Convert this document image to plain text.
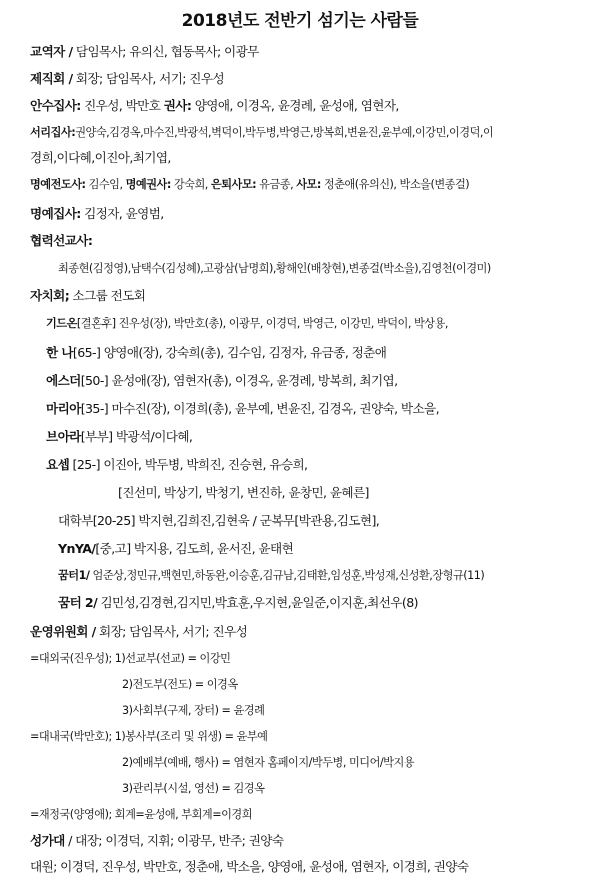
2018년도 전반기 섬기는 사람들
교역자 / 담임목사; 유의신, 협동목사; 이광무
제직회 / 회장; 담임목사, 서기; 진우성
안수집사: 진우성, 박만호 권사: 양영애, 이경옥, 윤경례, 윤성애, 염현자,
서리집사:권양숙,김경옥,마수진,박광석,벽덕이,박두병,박영근,방복희,변윤진,윤부예,이강민,이경덕,이
경희,이다혜,이진아,최기엽,
명예전도사: 김수임, 명예권사: 강숙희, 은퇴사모: 유금종, 사모: 정춘애(유의신), 박소을(변종걸)
명예집사: 김정자, 윤영범,
협력선교사:
최종현(김정영),남택수(김성혜),고광삼(남명희),황해인(배창현),변종걸(박소을),김영천(이경미)
자치회; 소그룹 전도회
기드온[결혼후] 진우성(장), 박만호(총), 이광무, 이경덕, 박영근, 이강민, 박덕이, 박상용,
한 나[65-] 양영애(장), 강숙희(총), 김수임, 김정자, 유금종, 정춘애
에스더[50-] 윤성애(장), 염현자(총), 이경옥, 윤경례, 방복희, 최기엽,
마리아[35-] 마수진(장), 이경희(총), 윤부예, 변윤진, 김경옥, 권양숙, 박소을,
브아라[부부] 박광석/이다혜,
요셉 [25-] 이진아, 박두병, 박희진, 진승현, 유승희,
[진선미, 박상기, 박청기, 변진하, 윤창민, 윤혜른]
대학부[20-25] 박지현,김희진,김현욱 / 군복무[박관용,김도현],
YnYA/[중,고] 박지용, 김도희, 윤서진, 윤태현
꿈터1/ 엄준상,정민규,백현민,하동완,이승훈,김규남,김태환,임성훈,박성재,신성환,장형규(11)
꿈터 2/ 김민성,김경현,김지민,박효훈,우지현,윤일준,이지훈,최선우(8)
운영위원회 / 회장; 담임목사, 서기; 진우성
=대외국(진우성); 1)선교부(선교) = 이강민
2)전도부(전도) = 이경옥
3)사회부(구제, 장터) = 윤경례
=대내국(박만호); 1)봉사부(조리 및 위생) = 윤부예
2)예배부(예배, 행사) = 염현자 홈페이지/박두병, 미디어/박지용
3)관리부(시설, 영선) = 김경옥
=재정국(양영애); 회계=윤성애, 부회계=이경희
성가대 / 대장; 이경덕, 지휘; 이광무, 반주; 권양숙
대원; 이경덕, 진우성, 박만호, 정춘애, 박소을, 양영애, 윤성애, 염현자, 이경희, 권양숙
